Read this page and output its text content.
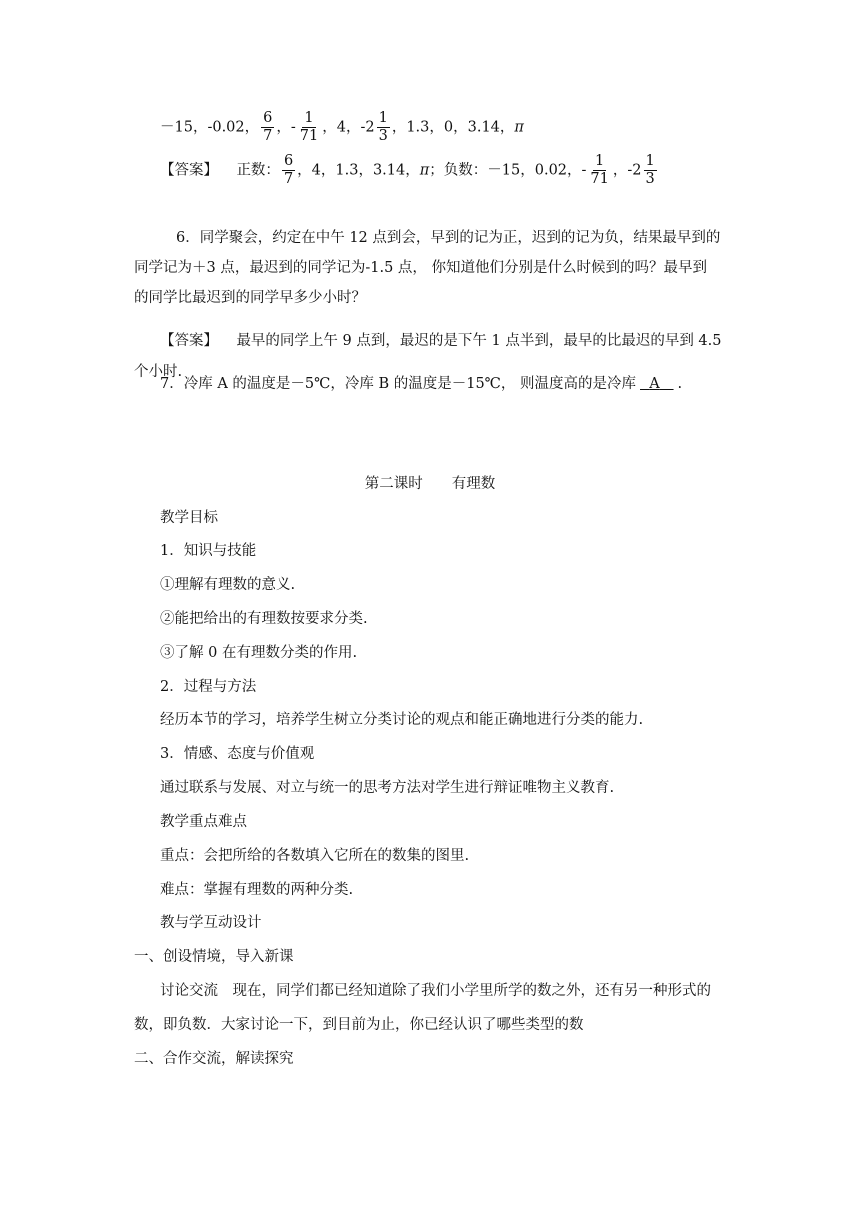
－15，-0.02， $\frac{6}{7}$ ，- $\frac{1}{71}$ ，4，$-2 \frac{1}{3}$ ，1.3，0，3.14，π
【答案】 正数： $\frac{6}{7}$ ，4，1.3，3.14，π；负数：－15，0.02，- $\frac{1}{71}$ ，$-2 \frac{1}{3}$
6．同学聚会，约定在中午 12 点到会，早到的记为正，迟到的记为负，结果最早到的
同学记为＋3 点，最迟到的同学记为-1.5 点， 你知道他们分别是什么时候到的吗？最早到
的同学比最迟到的同学早多少小时？
【答案】 最早的同学上午 9 点到，最迟的是下午 1 点半到，最早的比最迟的早到 4.5
个小时.
7．冷库 A 的温度是－5℃，冷库 B 的温度是－15℃， 则温度高的是冷库 A .
第二课时　　有理数
教学目标
1．知识与技能
①理解有理数的意义.
②能把给出的有理数按要求分类.
③了解 0 在有理数分类的作用.
2．过程与方法
经历本节的学习，培养学生树立分类讨论的观点和能正确地进行分类的能力.
3．情感、态度与价值观
通过联系与发展、对立与统一的思考方法对学生进行辩证唯物主义教育.
教学重点难点
重点：会把所给的各数填入它所在的数集的图里.
难点：掌握有理数的两种分类.
教与学互动设计
一、创设情境，导入新课
讨论交流　现在，同学们都已经知道除了我们小学里所学的数之外，还有另一种形式的
数，即负数．大家讨论一下，到目前为止，你已经认识了哪些类型的数
二、合作交流，解读探究
